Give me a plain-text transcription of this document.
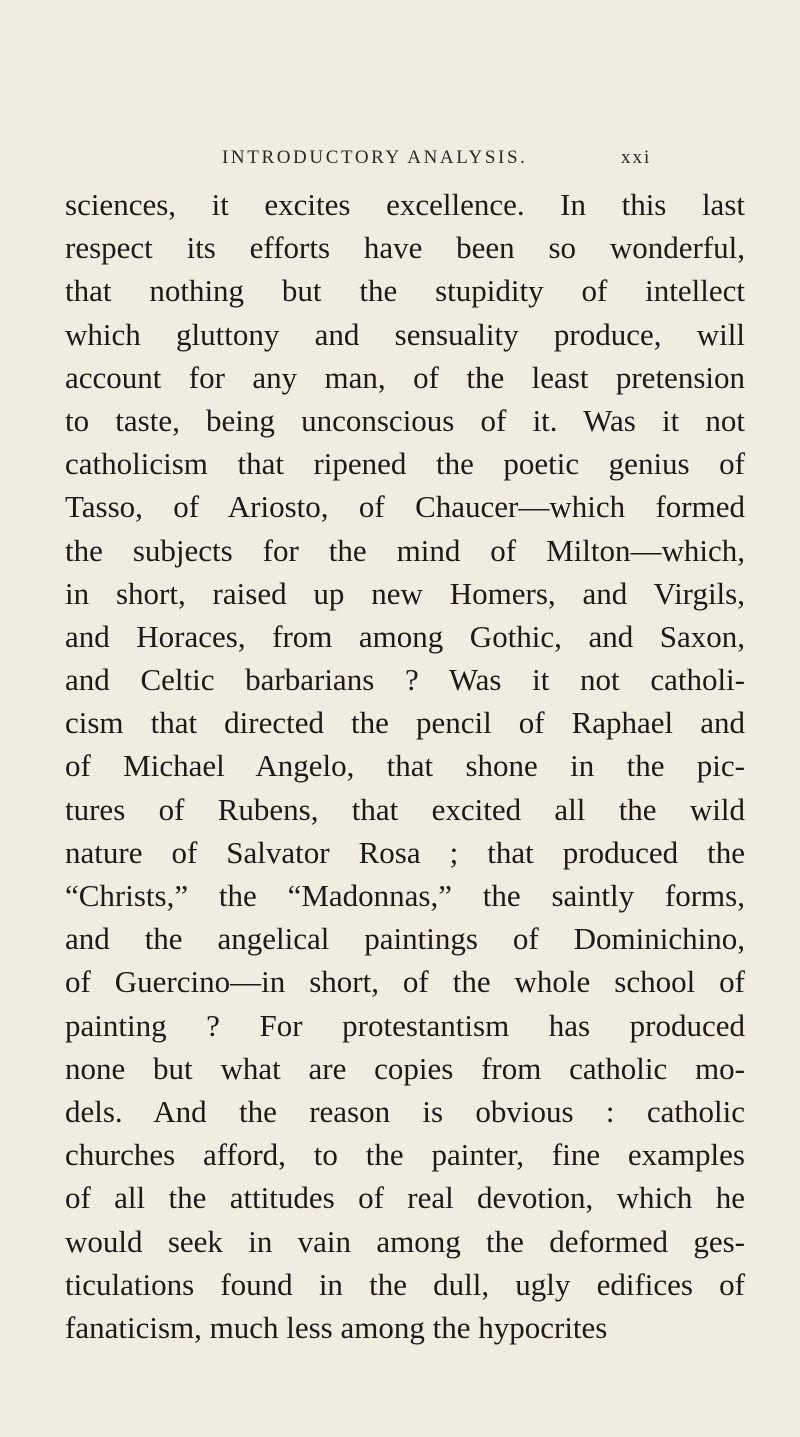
INTRODUCTORY ANALYSIS.	xxi
sciences, it excites excellence. In this last
respect its efforts have been so wonderful,
that nothing but the stupidity of intellect
which gluttony and sensuality produce, will
account for any man, of the least pretension
to taste, being unconscious of it. Was it not
catholicism that ripened the poetic genius of
Tasso, of Ariosto, of Chaucer—which formed
the subjects for the mind of Milton—which,
in short, raised up new Homers, and Virgils,
and Horaces, from among Gothic, and Saxon,
and Celtic barbarians ? Was it not catholi-
cism that directed the pencil of Raphael and
of Michael Angelo, that shone in the pic-
tures of Rubens, that excited all the wild
nature of Salvator Rosa ; that produced the
“Christs,” the “Madonnas,” the saintly forms,
and the angelical paintings of Dominichino,
of Guercino—in short, of the whole school of
painting ? For protestantism has produced
none but what are copies from catholic mo-
dels. And the reason is obvious : catholic
churches afford, to the painter, fine examples
of all the attitudes of real devotion, which he
would seek in vain among the deformed ges-
ticulations found in the dull, ugly edifices of
fanaticism, much less among the hypocrites
